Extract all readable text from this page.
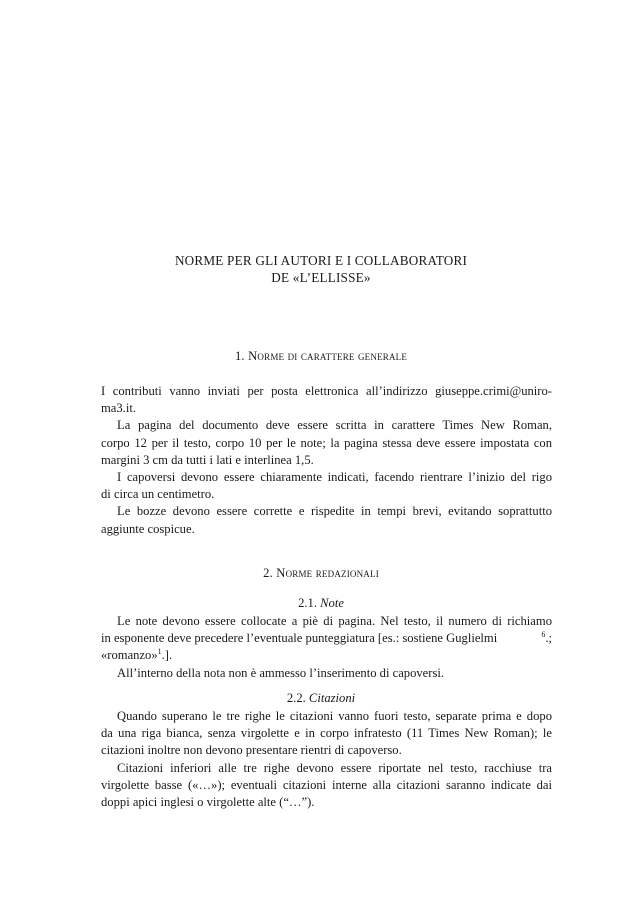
NORME PER GLI AUTORI E I COLLABORATORI
DE «L’ELLISSE»
1. Norme di carattere generale
I contributi vanno inviati per posta elettronica all’indirizzo giuseppe.crimi@uniro-
ma3.it.
La pagina del documento deve essere scritta in carattere Times New Roman,
corpo 12 per il testo, corpo 10 per le note; la pagina stessa deve essere impostata con
margini 3 cm da tutti i lati e interlinea 1,5.
I capoversi devono essere chiaramente indicati, facendo rientrare l’inizio del rigo
di circa un centimetro.
Le bozze devono essere corrette e rispedite in tempi brevi, evitando soprattutto
aggiunte cospicue.
2. Norme redazionali
2.1. Note
Le note devono essere collocate a piè di pagina. Nel testo, il numero di richiamo
in esponente deve precedere l’eventuale punteggiatura [es.: sostiene Guglielmi	$^6$.;
«romanzo»$^1$.].
All’interno della nota non è ammesso l’inserimento di capoversi.
2.2. Citazioni
Quando superano le tre righe le citazioni vanno fuori testo, separate prima e dopo
da una riga bianca, senza virgolette e in corpo infratesto (11 Times New Roman); le
citazioni inoltre non devono presentare rientri di capoverso.
Citazioni inferiori alle tre righe devono essere riportate nel testo, racchiuse tra
virgolette basse («…»); eventuali citazioni interne alla citazioni saranno indicate dai
doppi apici inglesi o virgolette alte (“…”).
